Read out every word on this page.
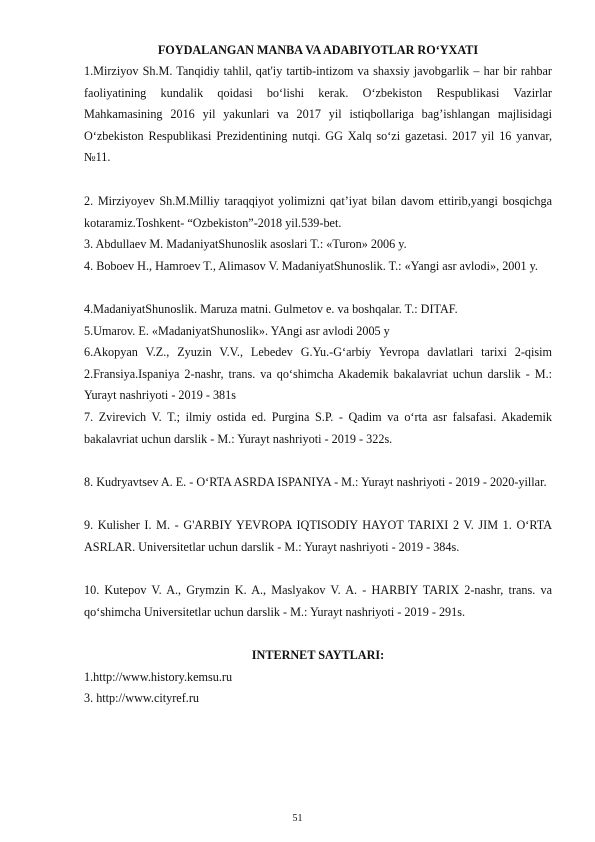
FOYDALANGAN MANBA VA ADABIYOTLAR RO‘YXATI
1.Mirziyov Sh.M. Tanqidiy tahlil, qat'iy tartib-intizom va shaxsiy javobgarlik – har bir rahbar faoliyatining kundalik qoidasi bo‘lishi kerak. O‘zbekiston Respublikasi Vazirlar Mahkamasining 2016 yil yakunlari va 2017 yil istiqbollariga bag’ishlangan majlisidagi O‘zbekiston Respublikasi Prezidentining nutqi. GG Xalq so‘zi gazetasi. 2017 yil 16 yanvar, №11.
2. Mirziyoyev Sh.M.Milliy taraqqiyot yolimizni qat’iyat bilan davom ettirib,yangi bosqichga kotaramiz.Toshkent- “Ozbekiston”-2018 yil.539-bet.
3. Abdullaev M. MadaniyatShunoslik asoslari T.: «Turon» 2006 y.
4. Boboev H., Hamroev T., Alimasov V. MadaniyatShunoslik. T.: «Yangi asr avlodi», 2001 y.
4.MadaniyatShunoslik. Maruza matni. Gulmetov e. va boshqalar. T.: DITAF.
5.Umarov. E. «MadaniyatShunoslik». YAngi asr avlodi 2005 y
6.Akopyan V.Z., Zyuzin V.V., Lebedev G.Yu.-G‘arbiy Yevropa davlatlari tarixi 2-qisim 2.Fransiya.Ispaniya 2-nashr, trans. va qo‘shimcha Akademik bakalavriat uchun darslik - M.: Yurayt nashriyoti - 2019 - 381s
7. Zvirevich V. T.; ilmiy ostida ed. Purgina S.P. - Qadim va o‘rta asr falsafasi. Akademik bakalavriat uchun darslik - M.: Yurayt nashriyoti - 2019 - 322s.
8. Kudryavtsev A. E. - O‘RTA ASRDA ISPANIYA - M.: Yurayt nashriyoti - 2019 - 2020-yillar.
9. Kulisher I. M. - G'ARBIY YEVROPA IQTISODIY HAYOT TARIXI 2 V. JIM 1. O‘RTA ASRLAR. Universitetlar uchun darslik - M.: Yurayt nashriyoti - 2019 - 384s.
10. Kutepov V. A., Grymzin K. A., Maslyakov V. A. - HARBIY TARIX 2-nashr, trans. va qo‘shimcha Universitetlar uchun darslik - M.: Yurayt nashriyoti - 2019 - 291s.
INTERNET SAYTLARI:
1.http://www.history.kemsu.ru
3. http://www.cityref.ru
51
